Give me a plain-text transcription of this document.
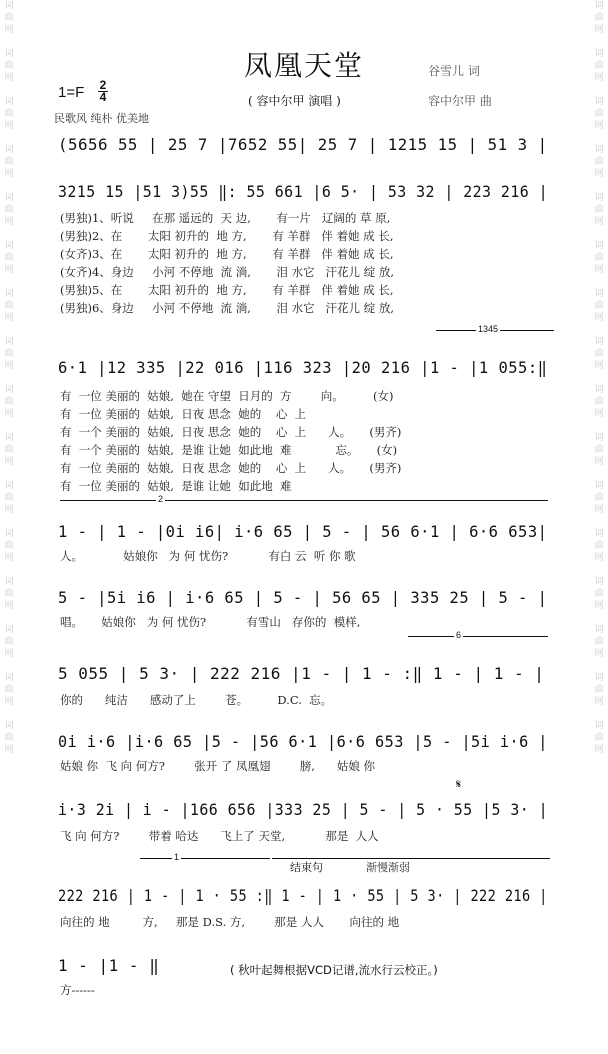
词曲网

词曲网

词曲网

词曲网

词曲网

词曲网

词曲网

词曲网

词曲网

词曲网

词曲网

词曲网

词曲网

词曲网

词曲网

词曲网
词曲网

词曲网

词曲网

词曲网

词曲网

词曲网

词曲网

词曲网

词曲网

词曲网

词曲网

词曲网

词曲网

词曲网

词曲网

词曲网
凤凰天堂	谷雪儿 词
容中尔甲 曲
1=F 2
4	( 容中尔甲 演唱 )
民歌风 纯朴 优美地
(5656 55 | 25 7 |7652 55| 25 7 | 1215 15 | 51 3 |
3215 15 |51 3)55 ‖: 55 661 |6 5· | 53 32 | 223 216 |
(男独)1、听说     在那 遥远的  天 边,       有一片   辽阔的 草 原,
(男独)2、在       太阳 初升的  地 方,       有 羊群   伴 着她 成 长,
(女齐)3、在       太阳 初升的  地 方,       有 羊群   伴 着她 成 长,
(女齐)4、身边     小河 不停地  流 淌,       泪 水它   汗花儿 绽 放,
(男独)5、在       太阳 初升的  地 方,       有 羊群   伴 着她 成 长,
(男独)6、身边     小河 不停地  流 淌,       泪 水它   汗花儿 绽 放,
1345
6·1 |12 335 |22 016 |116 323 |20 216 |1 - |1 055:‖
有  一位 美丽的  姑娘,  她在 守望  日月的  方        向。        (女)
有  一位 美丽的  姑娘,  日夜 思念  她的    心  上
有  一个 美丽的  姑娘,  日夜 思念  她的    心  上      人。     (男齐)
有  一个 美丽的  姑娘,  是谁 让她  如此地  难            忘。     (女)
有  一位 美丽的  姑娘,  日夜 思念  她的    心  上      人。     (男齐)
有  一位 美丽的  姑娘,  是谁 让她  如此地  难
2
1 - | 1 - |0i i6| i·6 65 | 5 - | 56 6·1 | 6·6 653|
人。           姑娘你   为 何 忧伤?           有白 云  听 你 歌
5 - |5i i6 | i·6 65 | 5 - | 56 65 | 335 25 | 5 - |
唱。     姑娘你   为 何 忧伤?           有雪山   存你的  模样,
6
5 055 | 5 3· | 222 216 |1 - | 1 - :‖ 1 - | 1 - |
你的      纯洁      感动了上        苍。        D.C.  忘。
0i i·6 |i·6 65 |5 - |56 6·1 |6·6 653 |5 - |5i i·6 |
姑娘 你  飞 向 何方?        张开 了 凤凰翅        膀,      姑娘 你
𝄋
i·3 2i | i - |166 656 |333 25 | 5 - | 5 · 55 |5 3· |
飞 向 何方?        带着 哈达      飞上了 天堂,           那是  人人
1
结束句	渐慢渐弱
222 216 | 1 - | 1 · 55 :‖ 1 - | 1 · 55 | 5 3· | 222 216 |
向往的 地         方,     那是 D.S. 方,        那是 人人       向往的 地
1 - |1 - ‖	( 秋叶起舞根据VCD记谱,流水行云校正。)
方------
